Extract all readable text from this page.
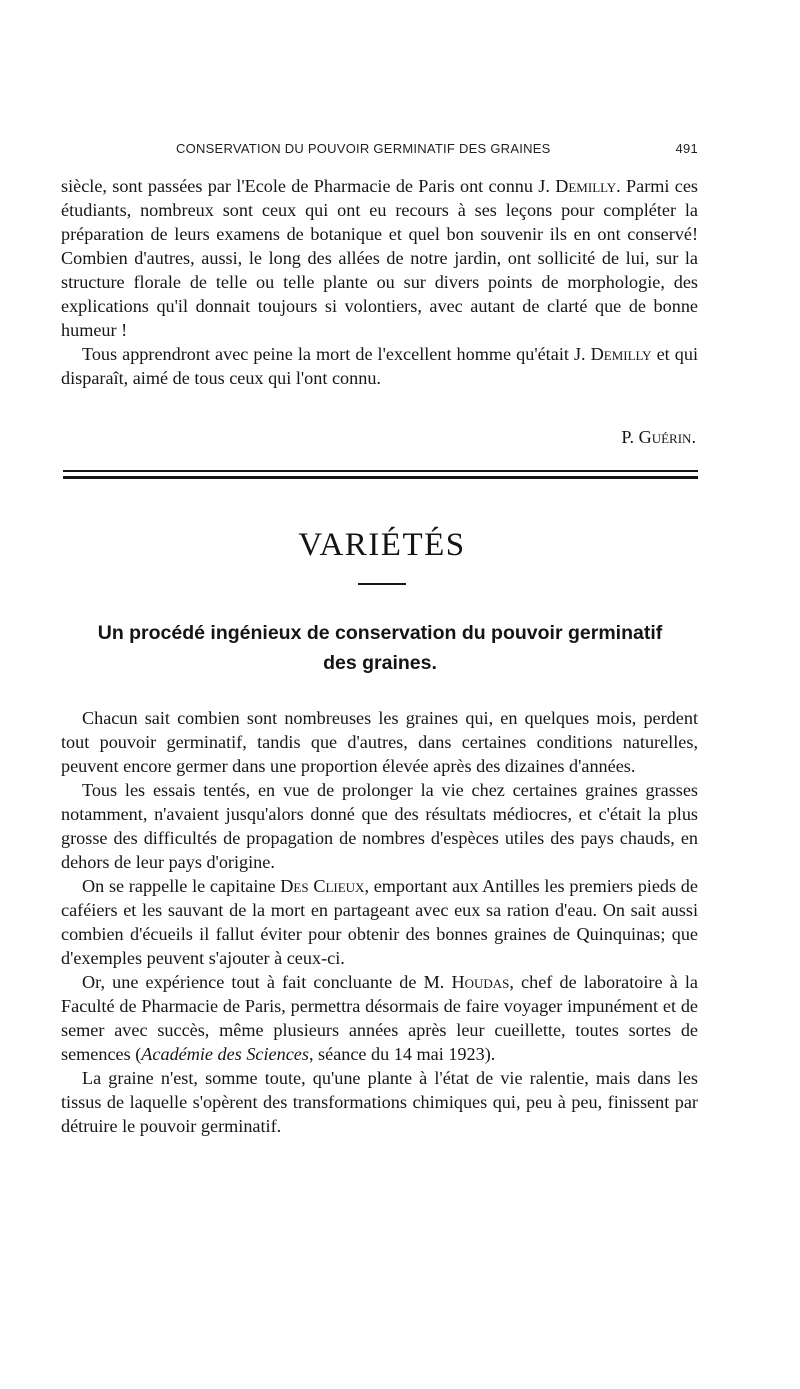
CONSERVATION DU POUVOIR GERMINATIF DES GRAINES	491

siècle, sont passées par l'Ecole de Pharmacie de Paris ont connu J. Demilly. Parmi ces étudiants, nombreux sont ceux qui ont eu recours à ses leçons pour compléter la préparation de leurs examens de botanique et quel bon souvenir ils en ont conservé! Combien d'autres, aussi, le long des allées de notre jardin, ont sollicité de lui, sur la structure florale de telle ou telle plante ou sur divers points de morphologie, des explications qu'il donnait toujours si volontiers, avec autant de clarté que de bonne humeur !

Tous apprendront avec peine la mort de l'excellent homme qu'était J. Demilly et qui disparaît, aimé de tous ceux qui l'ont connu.

P. Guérin.
VARIÉTÉS
Un procédé ingénieux de conservation du pouvoir germinatif
des graines.

Chacun sait combien sont nombreuses les graines qui, en quelques mois, perdent tout pouvoir germinatif, tandis que d'autres, dans certaines conditions naturelles, peuvent encore germer dans une proportion élevée après des dizaines d'années.

Tous les essais tentés, en vue de prolonger la vie chez certaines graines grasses notamment, n'avaient jusqu'alors donné que des résultats médiocres, et c'était la plus grosse des difficultés de propagation de nombres d'espèces utiles des pays chauds, en dehors de leur pays d'origine.

On se rappelle le capitaine Des Clieux, emportant aux Antilles les premiers pieds de caféiers et les sauvant de la mort en partageant avec eux sa ration d'eau. On sait aussi combien d'écueils il fallut éviter pour obtenir des bonnes graines de Quinquinas; que d'exemples peuvent s'ajouter à ceux-ci.

Or, une expérience tout à fait concluante de M. Houdas, chef de laboratoire à la Faculté de Pharmacie de Paris, permettra désormais de faire voyager impunément et de semer avec succès, même plusieurs années après leur cueillette, toutes sortes de semences (Académie des Sciences, séance du 14 mai 1923).

La graine n'est, somme toute, qu'une plante à l'état de vie ralentie, mais dans les tissus de laquelle s'opèrent des transformations chimiques qui, peu à peu, finissent par détruire le pouvoir germinatif.
